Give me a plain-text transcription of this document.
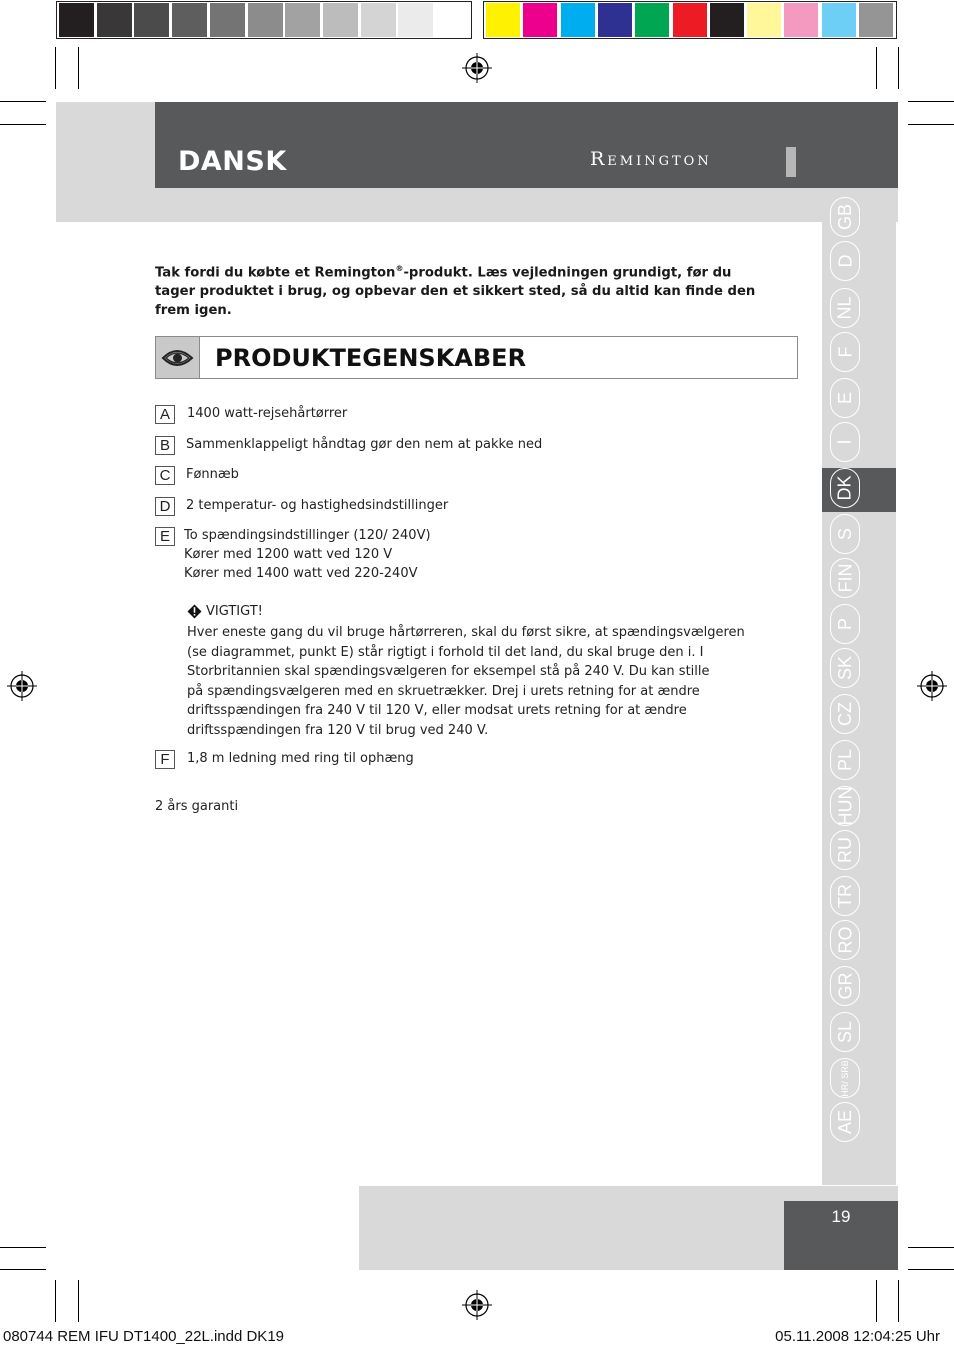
DANSK	Remington
Tak fordi du købte et Remington®-produkt. Læs vejledningen grundigt, før du tager produktet i brug, og opbevar den et sikkert sted, så du altid kan finde den frem igen.
PRODUKTEGENSKABER
A	1400 watt-rejsehårtørrer
B	Sammenklappeligt håndtag gør den nem at pakke ned
C	Fønnæb
D	2 temperatur- og hastighedsindstillinger
E	To spændingsindstillinger (120/ 240V)
Kører med 1200 watt ved 120 V
Kører med 1400 watt ved 220-240V
F	1,8 m ledning med ring til ophæng
VIGTIGT!
Hver eneste gang du vil bruge hårtørreren, skal du først sikre, at spændingsvælgeren
(se diagrammet, punkt E) står rigtigt i forhold til det land, du skal bruge den i. I
Storbritannien skal spændingsvælgeren for eksempel stå på 240 V. Du kan stille
på spændingsvælgeren med en skruetrækker. Drej i urets retning for at ændre
driftsspændingen fra 240 V til 120 V, eller modsat urets retning for at ændre
driftsspændingen fra 120 V til brug ved 240 V.
2 års garanti
GB
D
NL
F
E
I
DK
S
FIN
P
SK
CZ
PL
HUN
RU
TR
RO
GR
SL
HR/ SRB
AE
19
080744 REM IFU DT1400_22L.indd DK19	05.11.2008 12:04:25 Uhr
